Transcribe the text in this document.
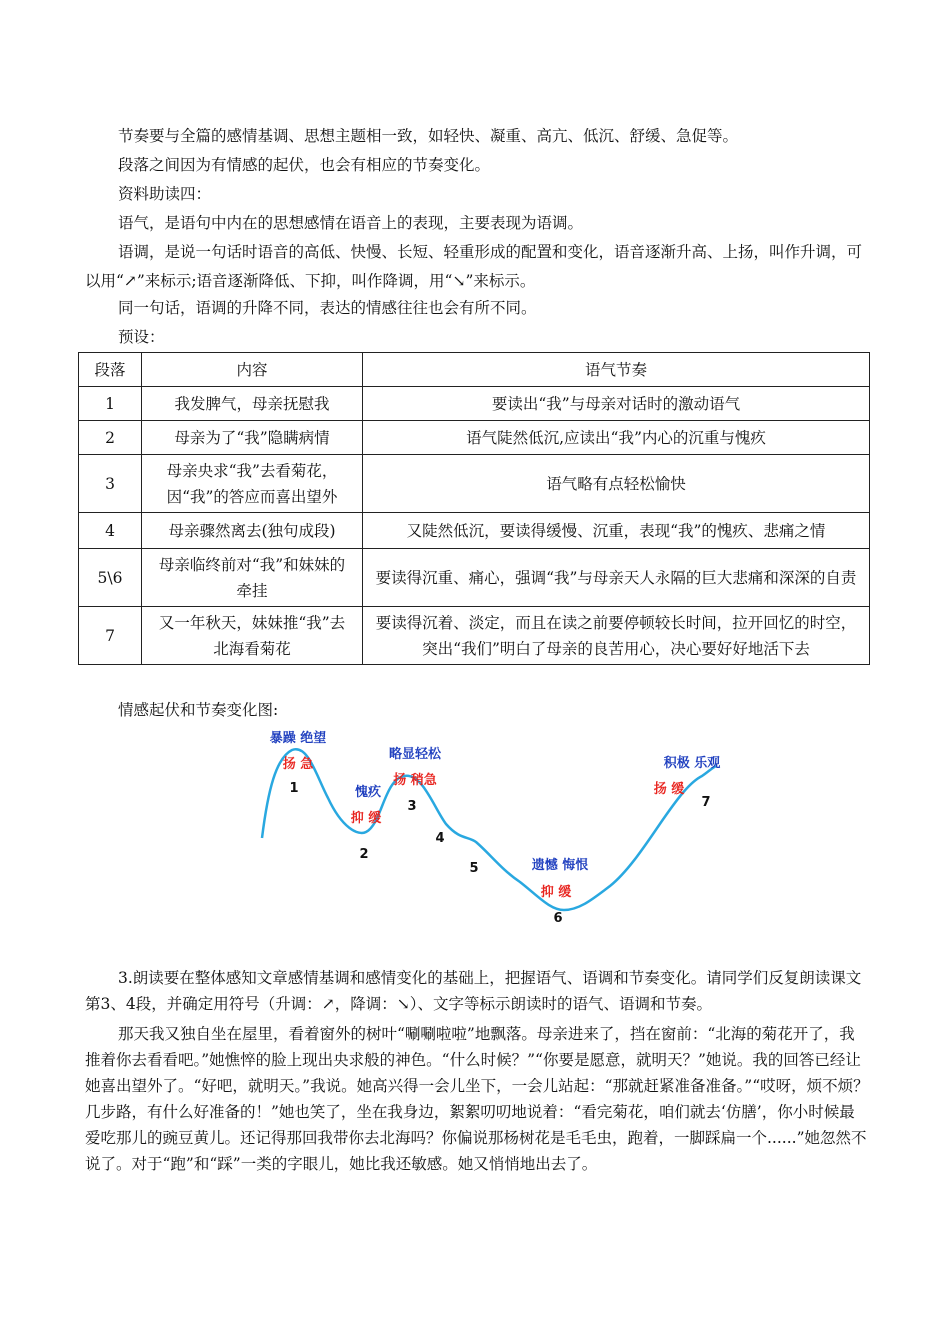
节奏要与全篇的感情基调、思想主题相一致，如轻快、凝重、高亢、低沉、舒缓、急促等。

段落之间因为有情感的起伏，也会有相应的节奏变化。

资料助读四：

语气，是语句中内在的思想感情在语音上的表现，主要表现为语调。

语调，是说一句话时语音的高低、快慢、长短、轻重形成的配置和变化，语音逐渐升高、上扬，叫作升调，可以用“↗”来标示;语音逐渐降低、下抑，叫作降调，用“↘”来标示。

同一句话，语调的升降不同，表达的情感往往也会有所不同。

预设：

段落	内容	语气节奏
1	我发脾气，母亲抚慰我	要读出“我”与母亲对话时的激动语气
2	母亲为了“我”隐瞒病情	语气陡然低沉,应读出“我”内心的沉重与愧疚
3	母亲央求“我”去看菊花，因“我”的答应而喜出望外	语气略有点轻松愉快
4	母亲骤然离去(独句成段)	又陡然低沉，要读得缓慢、沉重，表现“我”的愧疚、悲痛之情
5\6	母亲临终前对“我”和妹妹的牵挂	要读得沉重、痛心，强调“我”与母亲天人永隔的巨大悲痛和深深的自责
7	又一年秋天，妹妹推“我”去北海看菊花	要读得沉着、淡定，而且在读之前要停顿较长时间，拉开回忆的时空，突出“我们”明白了母亲的良苦用心，决心要好好地活下去

情感起伏和节奏变化图:

1
2
3
4
5
6
7
暴躁 绝望
扬 急
愧疚
抑 缓
略显轻松
扬 稍急
遗憾 悔恨
抑 缓
积极 乐观
扬 缓

3.朗读要在整体感知文章感情基调和感情变化的基础上，把握语气、语调和节奏变化。请同学们反复朗读课文第3、4段，并确定用符号（升调：↗，降调：↘）、文字等标示朗读时的语气、语调和节奏。

那天我又独自坐在屋里，看着窗外的树叶“唰唰啦啦”地飘落。母亲进来了，挡在窗前：“北海的菊花开了，我推着你去看看吧。”她憔悴的脸上现出央求般的神色。“什么时候？”“你要是愿意，就明天？”她说。我的回答已经让她喜出望外了。“好吧，就明天。”我说。她高兴得一会儿坐下，一会儿站起：“那就赶紧准备准备。”“哎呀，烦不烦？几步路，有什么好准备的！”她也笑了，坐在我身边，絮絮叨叨地说着：“看完菊花，咱们就去‘仿膳’，你小时候最爱吃那儿的豌豆黄儿。还记得那回我带你去北海吗？你偏说那杨树花是毛毛虫，跑着，一脚踩扁一个......”她忽然不说了。对于“跑”和“踩”一类的字眼儿，她比我还敏感。她又悄悄地出去了。
